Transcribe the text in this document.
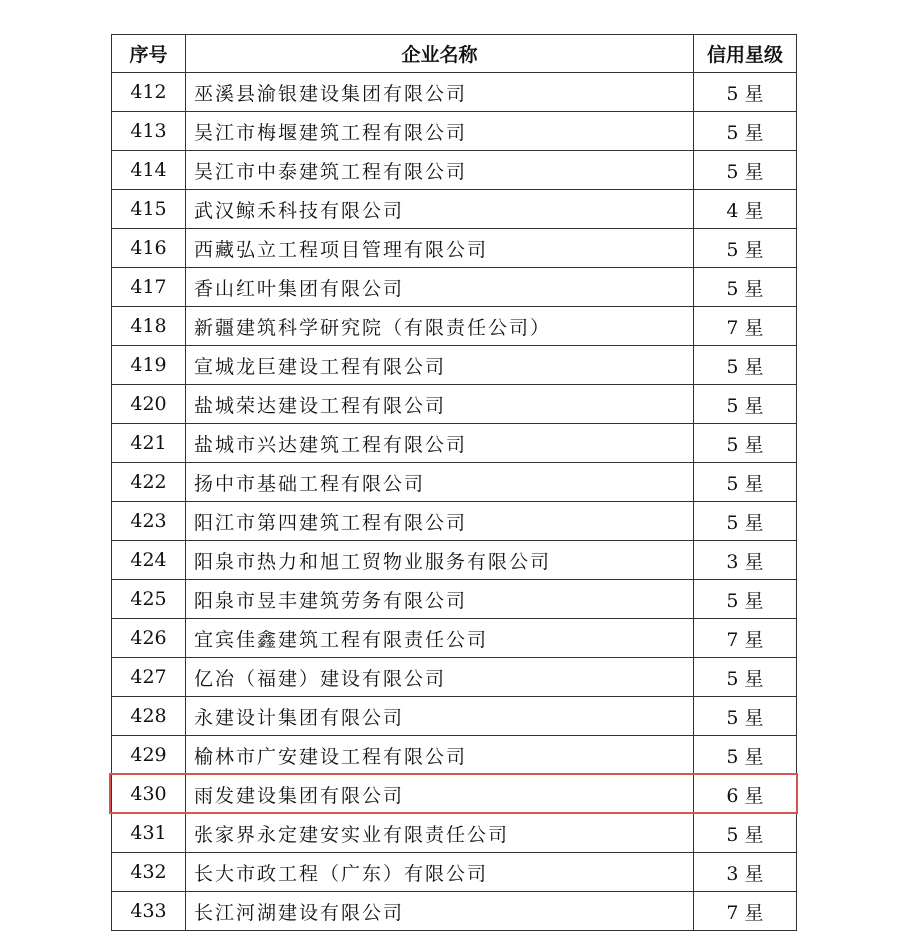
序号	企业名称	信用星级
412	巫溪县渝银建设集团有限公司	5 星
413	吴江市梅堰建筑工程有限公司	5 星
414	吴江市中泰建筑工程有限公司	5 星
415	武汉鲸禾科技有限公司	4 星
416	西藏弘立工程项目管理有限公司	5 星
417	香山红叶集团有限公司	5 星
418	新疆建筑科学研究院（有限责任公司）	7 星
419	宣城龙巨建设工程有限公司	5 星
420	盐城荣达建设工程有限公司	5 星
421	盐城市兴达建筑工程有限公司	5 星
422	扬中市基础工程有限公司	5 星
423	阳江市第四建筑工程有限公司	5 星
424	阳泉市热力和旭工贸物业服务有限公司	3 星
425	阳泉市昱丰建筑劳务有限公司	5 星
426	宜宾佳鑫建筑工程有限责任公司	7 星
427	亿冶（福建）建设有限公司	5 星
428	永建设计集团有限公司	5 星
429	榆林市广安建设工程有限公司	5 星
430	雨发建设集团有限公司	6 星
431	张家界永定建安实业有限责任公司	5 星
432	长大市政工程（广东）有限公司	3 星
433	长江河湖建设有限公司	7 星
